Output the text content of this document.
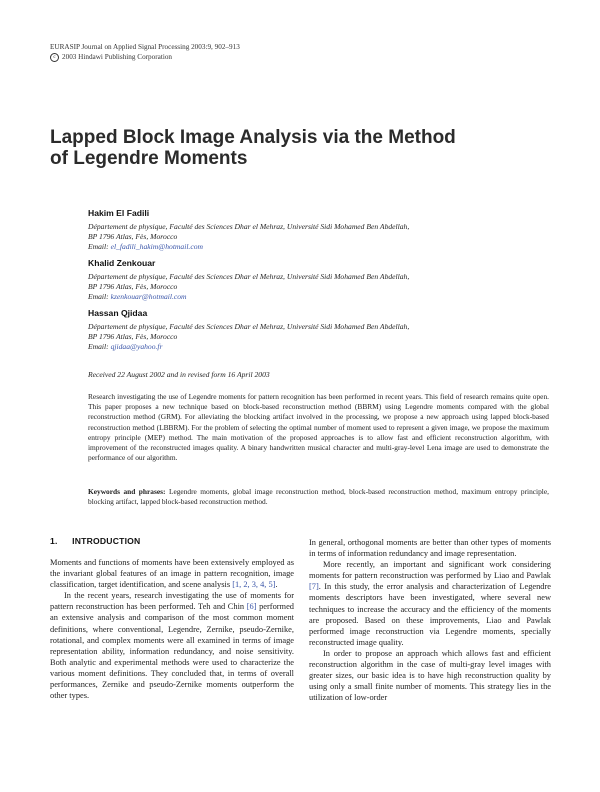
EURASIP Journal on Applied Signal Processing 2003:9, 902–913
c 2003 Hindawi Publishing Corporation
Lapped Block Image Analysis via the Method
of Legendre Moments
Hakim El Fadili
Département de physique, Faculté des Sciences Dhar el Mehraz, Université Sidi Mohamed Ben Abdellah,
BP 1796 Atlas, Fès, Morocco
Email: el_fadili_hakim@hotmail.com
Khalid Zenkouar
Département de physique, Faculté des Sciences Dhar el Mehraz, Université Sidi Mohamed Ben Abdellah,
BP 1796 Atlas, Fès, Morocco
Email: kzenkouar@hotmail.com
Hassan Qjidaa
Département de physique, Faculté des Sciences Dhar el Mehraz, Université Sidi Mohamed Ben Abdellah,
BP 1796 Atlas, Fès, Morocco
Email: qjidaa@yahoo.fr
Received 22 August 2002 and in revised form 16 April 2003
Research investigating the use of Legendre moments for pattern recognition has been performed in recent years. This field of research remains quite open. This paper proposes a new technique based on block-based reconstruction method (BBRM) using Legendre moments compared with the global reconstruction method (GRM). For alleviating the blocking artifact involved in the processing, we propose a new approach using lapped block-based reconstruction method (LBBRM). For the problem of selecting the optimal number of moment used to represent a given image, we propose the maximum entropy principle (MEP) method. The main motivation of the proposed approaches is to allow fast and efficient reconstruction algorithm, with improvement of the reconstructed images quality. A binary handwritten musical character and multi-gray-level Lena image are used to demonstrate the performance of our algorithm.
Keywords and phrases: Legendre moments, global image reconstruction method, block-based reconstruction method, maximum entropy principle, blocking artifact, lapped block-based reconstruction method.
1. INTRODUCTION

Moments and functions of moments have been extensively employed as the invariant global features of an image in pattern recognition, image classification, target identification, and scene analysis [1, 2, 3, 4, 5].

In the recent years, research investigating the use of moments for pattern reconstruction has been performed. Teh and Chin [6] performed an extensive analysis and comparison of the most common moment definitions, where conventional, Legendre, Zernike, pseudo-Zernike, rotational, and complex moments were all examined in terms of image representation ability, information redundancy, and noise sensitivity. Both analytic and experimental methods were used to characterize the various moment definitions. They concluded that, in terms of overall performances, Zernike and pseudo-Zernike moments outperform the other types.

In general, orthogonal moments are better than other types of moments in terms of information redundancy and image representation.

More recently, an important and significant work considering moments for pattern reconstruction was performed by Liao and Pawlak [7]. In this study, the error analysis and characterization of Legendre moments descriptors have been investigated, where several new techniques to increase the accuracy and the efficiency of the moments are proposed. Based on these improvements, Liao and Pawlak performed image reconstruction via Legendre moments, specially reconstructed image quality.

In order to propose an approach which allows fast and efficient reconstruction algorithm in the case of multi-gray level images with greater sizes, our basic idea is to have high reconstruction quality by using only a small finite number of moments. This strategy lies in the utilization of low-order
